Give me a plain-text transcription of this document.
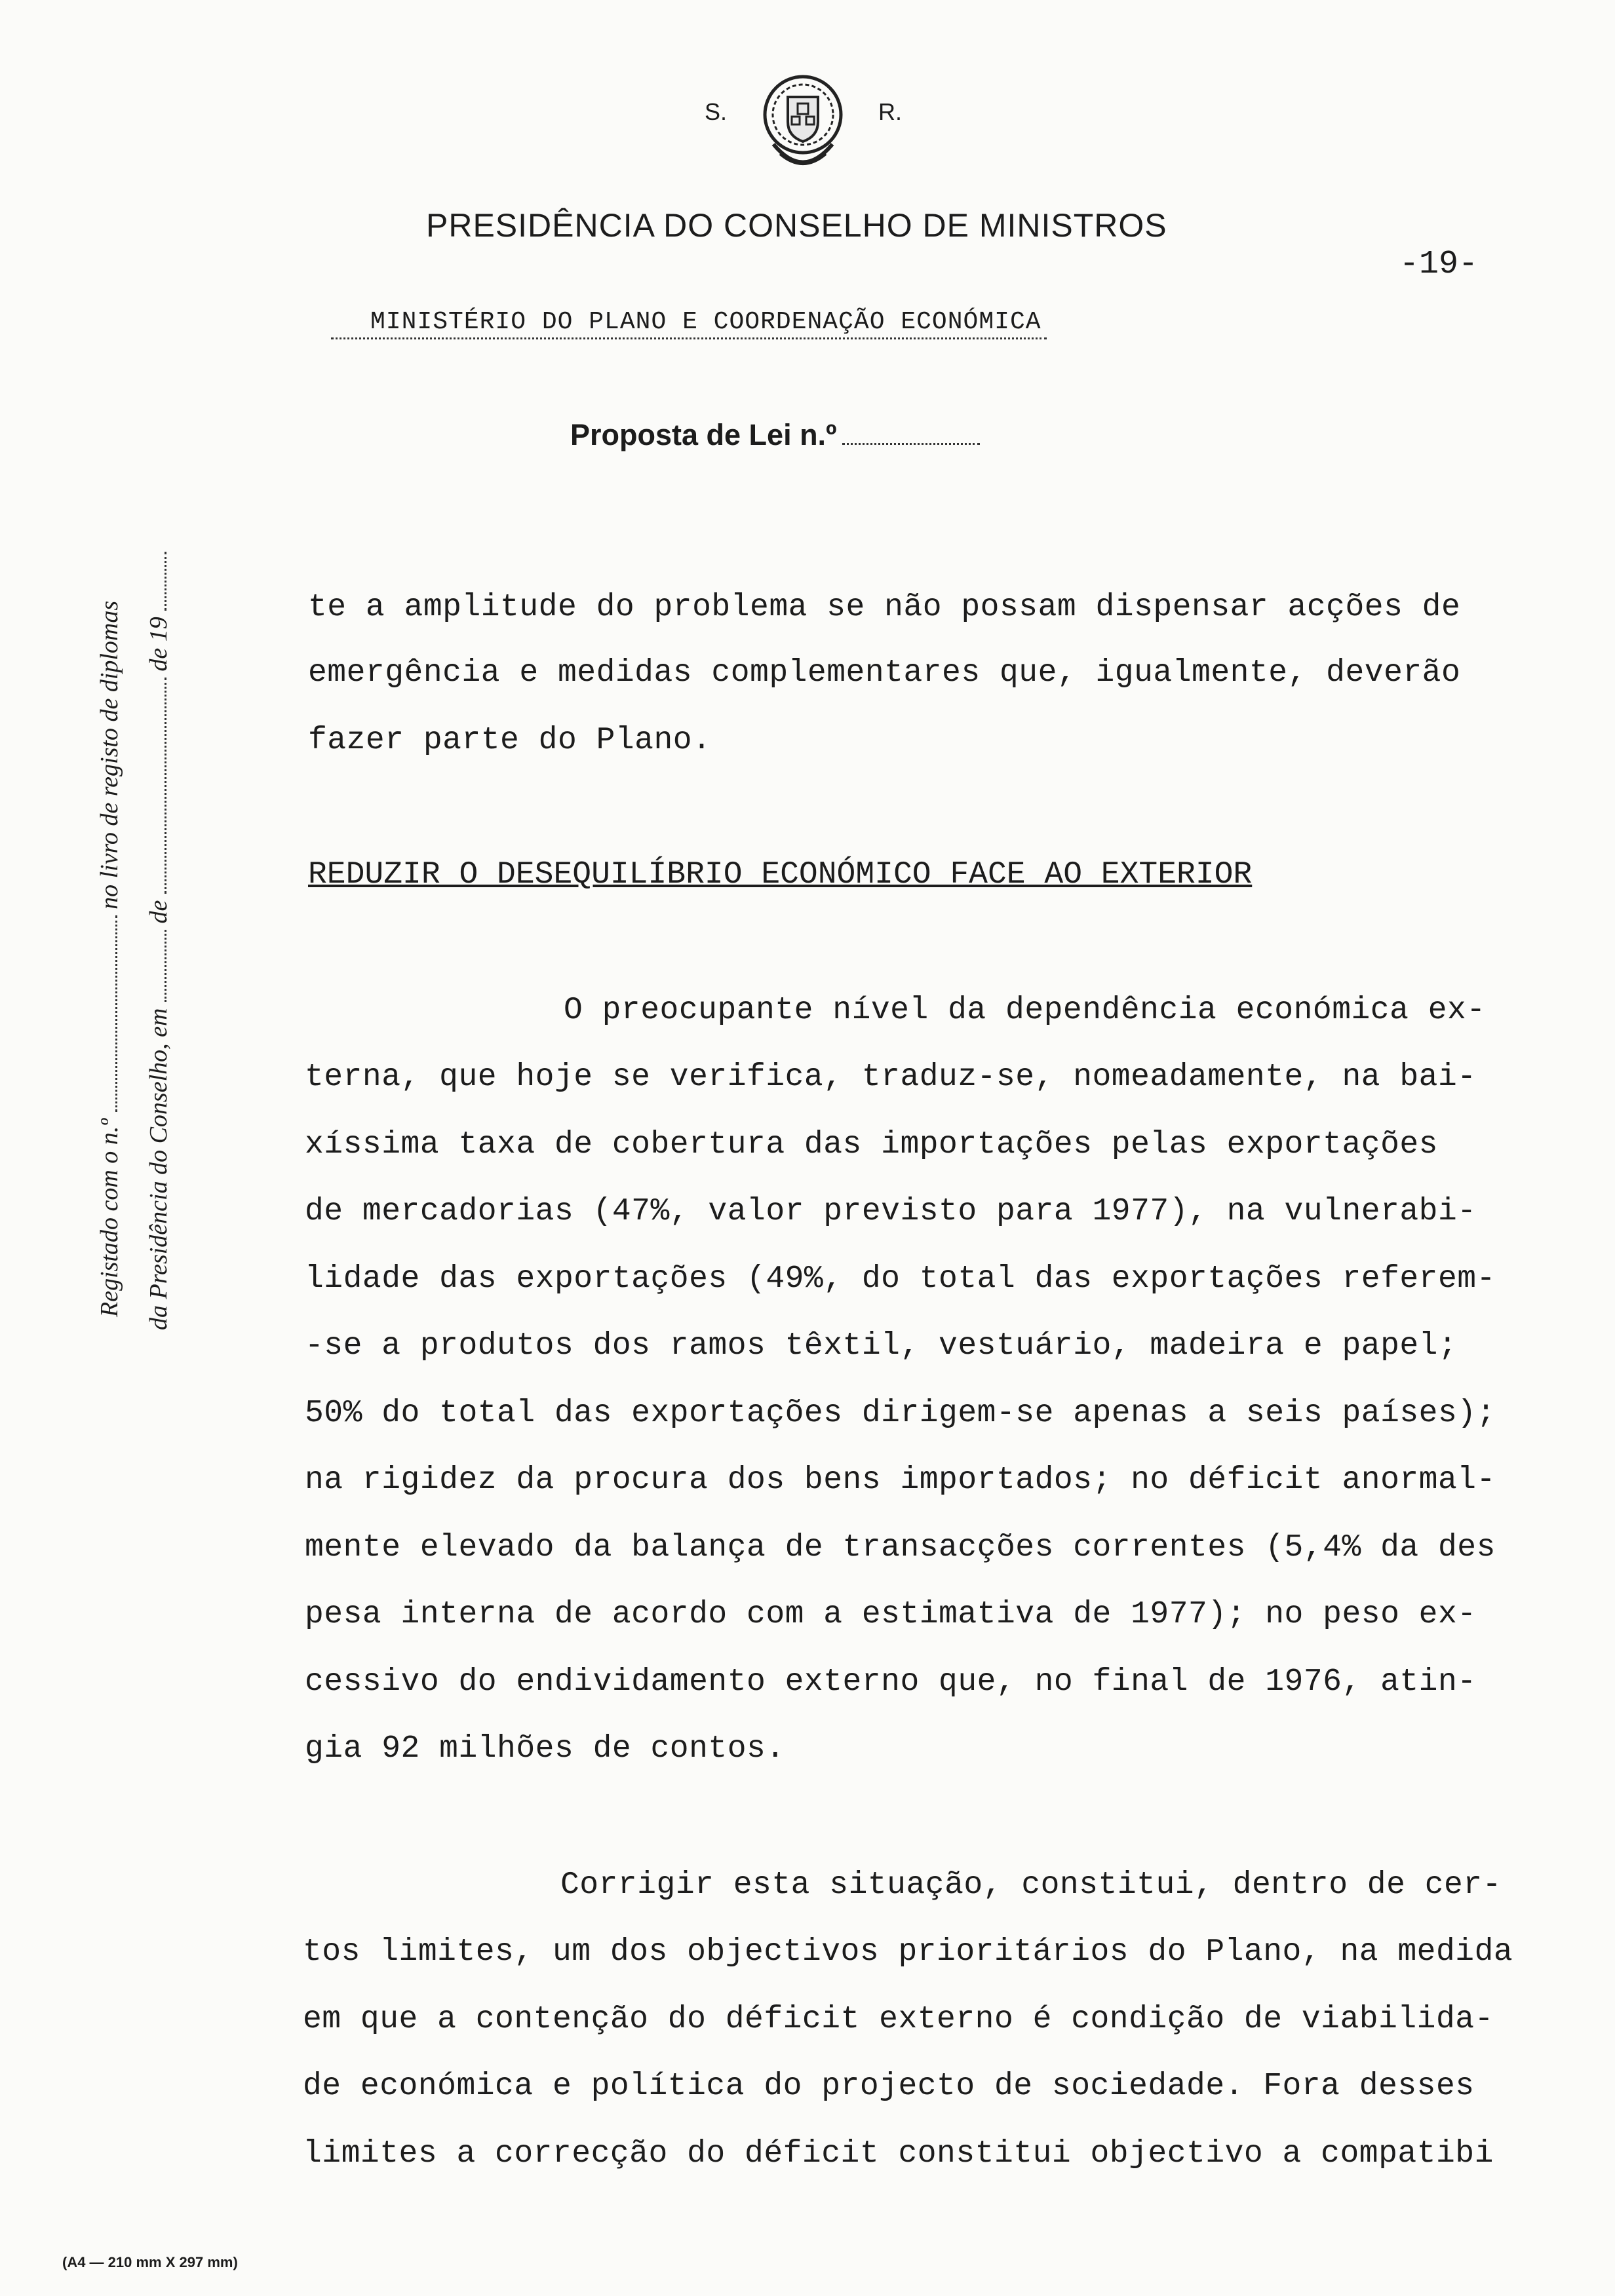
S.	R.
PRESIDÊNCIA DO CONSELHO DE MINISTROS
-19-
MINISTÉRIO DO PLANO E COORDENAÇÃO ECONÓMICA
Proposta de Lei n.º
Registado com o n.º  no livro de registo de diplomas
da Presidência do Conselho, em  de  de 19
te a amplitude do problema se não possam dispensar acções de
emergência e medidas complementares que, igualmente, deverão
fazer parte do Plano.
REDUZIR O DESEQUILÍBRIO ECONÓMICO FACE AO EXTERIOR
O preocupante nível da dependência económica ex-
terna, que hoje se verifica, traduz-se, nomeadamente, na bai-
xíssima taxa de cobertura das importações pelas exportações
de mercadorias (47%, valor previsto para 1977), na vulnerabi-
lidade das exportações (49%, do total das exportações referem-
-se a produtos dos ramos têxtil, vestuário, madeira e papel;
50% do total das exportações dirigem-se apenas a seis países);
na rigidez da procura dos bens importados; no déficit anormal-
mente elevado da balança de transacções correntes (5,4% da des
pesa interna de acordo com a estimativa de 1977); no peso ex-
cessivo do endividamento externo que, no final de 1976, atin-
gia 92 milhões de contos.
Corrigir esta situação, constitui, dentro de cer-
tos limites, um dos objectivos prioritários do Plano, na medida
em que a contenção do déficit externo é condição de viabilida-
de económica e política do projecto de sociedade. Fora desses
limites a correcção do déficit constitui objectivo a compatibi
(A4 — 210 mm X 297 mm)
